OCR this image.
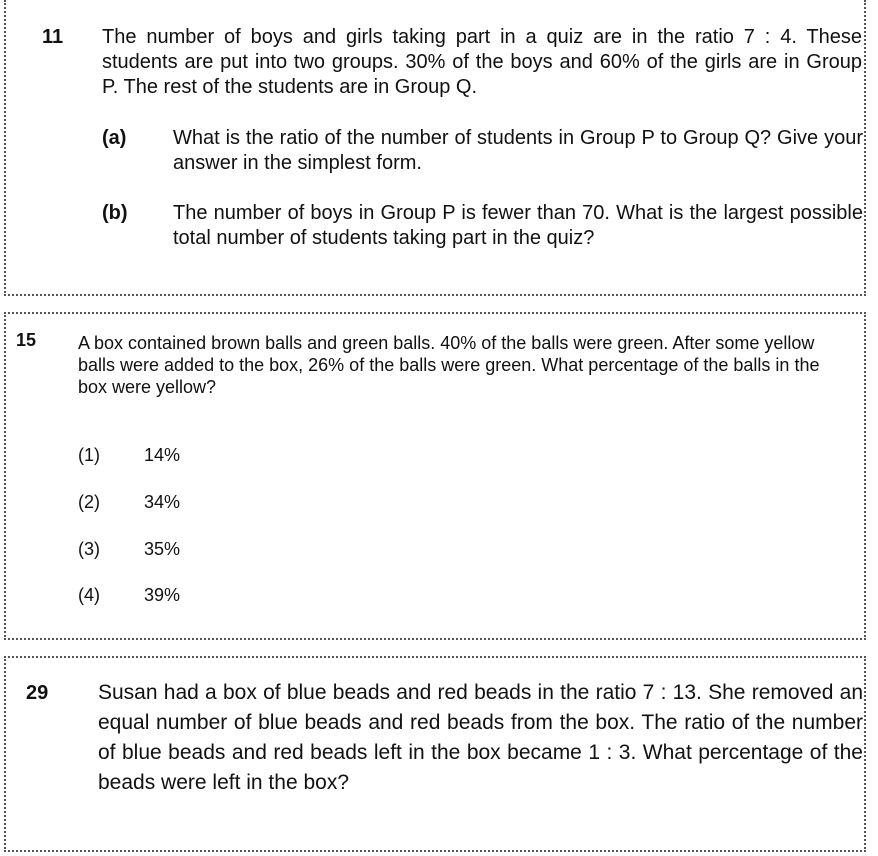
11 The number of boys and girls taking part in a quiz are in the ratio 7 : 4. These students are put into two groups. 30% of the boys and 60% of the girls are in Group P. The rest of the students are in Group Q.
(a) What is the ratio of the number of students in Group P to Group Q? Give your answer in the simplest form.
(b) The number of boys in Group P is fewer than 70. What is the largest possible total number of students taking part in the quiz?
15 A box contained brown balls and green balls. 40% of the balls were green. After some yellow balls were added to the box, 26% of the balls were green. What percentage of the balls in the box were yellow?
(1) 14%
(2) 34%
(3) 35%
(4) 39%
29 Susan had a box of blue beads and red beads in the ratio 7 : 13. She removed an equal number of blue beads and red beads from the box. The ratio of the number of blue beads and red beads left in the box became 1 : 3. What percentage of the beads were left in the box?
